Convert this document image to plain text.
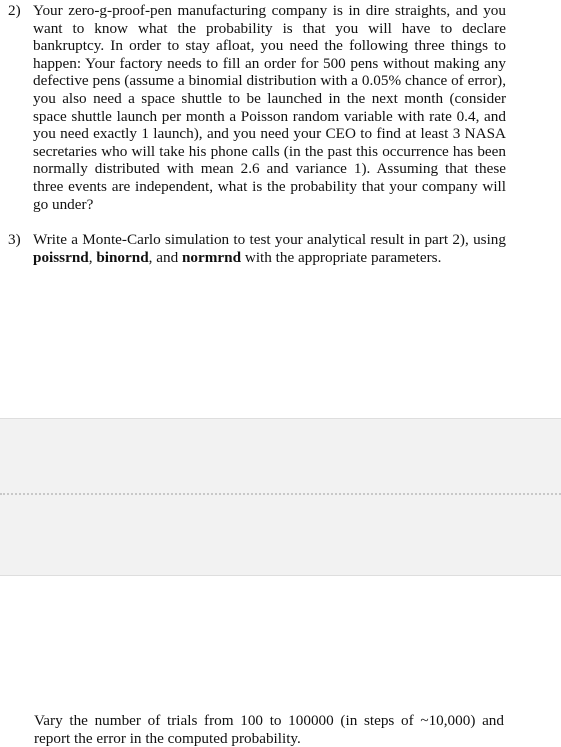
2) Your zero-g-proof-pen manufacturing company is in dire straights, and you want to know what the probability is that you will have to declare bankruptcy. In order to stay afloat, you need the following three things to happen: Your factory needs to fill an order for 500 pens without making any defective pens (assume a binomial distribution with a 0.05% chance of error), you also need a space shuttle to be launched in the next month (consider space shuttle launch per month a Poisson random variable with rate 0.4, and you need exactly 1 launch), and you need your CEO to find at least 3 NASA secretaries who will take his phone calls (in the past this occurrence has been normally distributed with mean 2.6 and variance 1). Assuming that these three events are independent, what is the probability that your company will go under?
3) Write a Monte-Carlo simulation to test your analytical result in part 2), using poissrnd, binornd, and normrnd with the appropriate parameters.
Vary the number of trials from 100 to 100000 (in steps of ~10,000) and report the error in the computed probability.
